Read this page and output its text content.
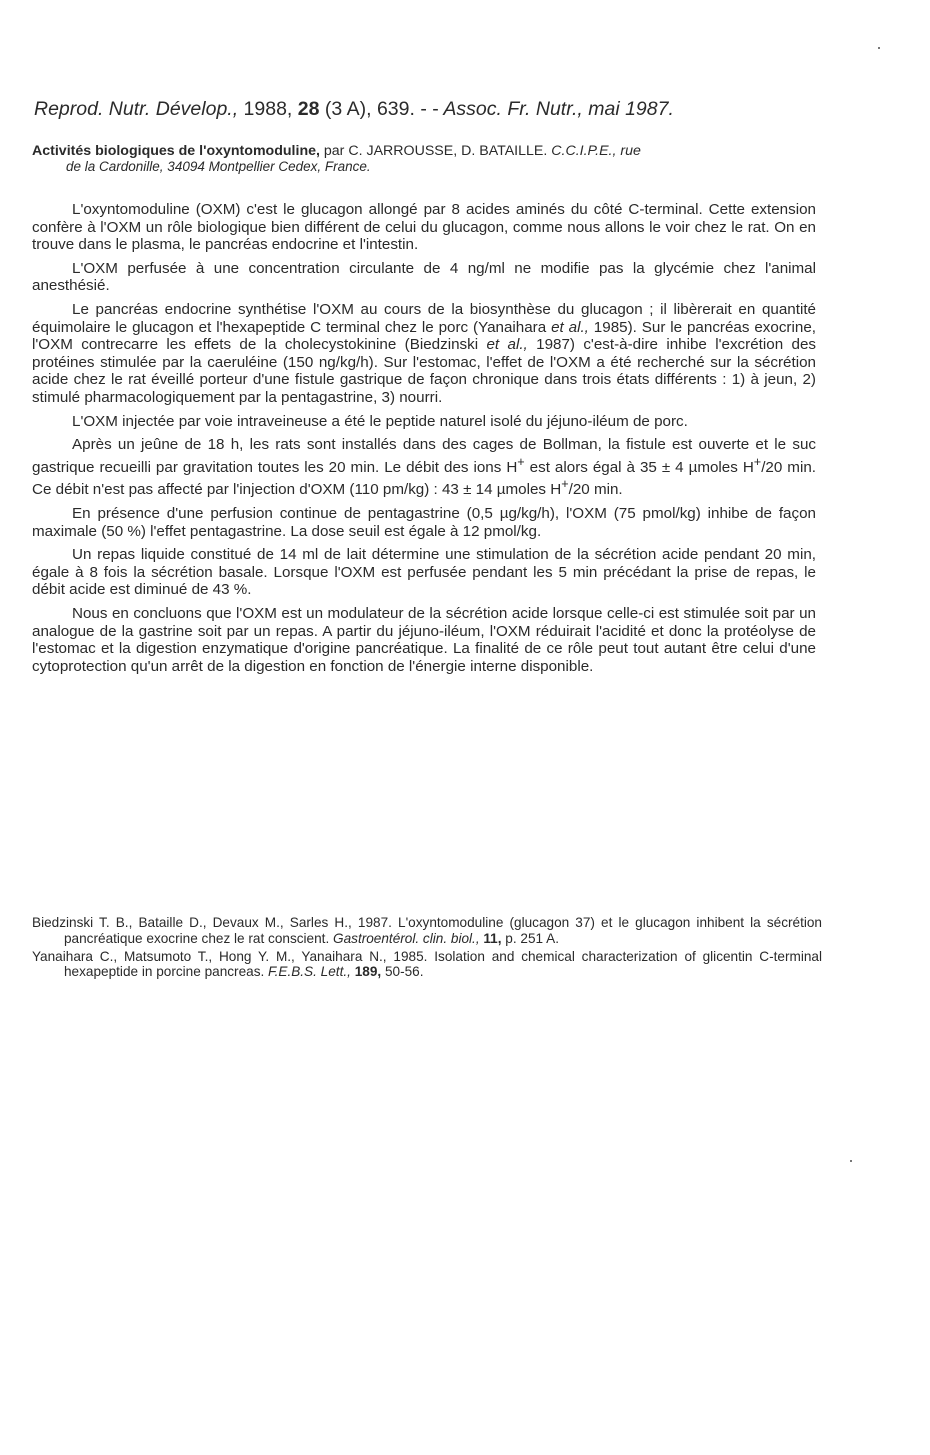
Reprod. Nutr. Dévelop., 1988, 28 (3 A), 639. - - Assoc. Fr. Nutr., mai 1987.
Activités biologiques de l'oxyntomoduline, par C. JARROUSSE, D. BATAILLE. C.C.I.P.E., rue
de la Cardonille, 34094 Montpellier Cedex, France.

L'oxyntomoduline (OXM) c'est le glucagon allongé par 8 acides aminés du côté C-terminal. Cette extension confère à l'OXM un rôle biologique bien différent de celui du glucagon, comme nous allons le voir chez le rat. On en trouve dans le plasma, le pancréas endocrine et l'intestin.

L'OXM perfusée à une concentration circulante de 4 ng/ml ne modifie pas la glycémie chez l'animal anesthésié.

Le pancréas endocrine synthétise l'OXM au cours de la biosynthèse du glucagon ; il libèrerait en quantité équimolaire le glucagon et l'hexapeptide C terminal chez le porc (Yanaihara et al., 1985). Sur le pancréas exocrine, l'OXM contrecarre les effets de la cholecystokinine (Biedzinski et al., 1987) c'est-à-dire inhibe l'excrétion des protéines stimulée par la caeruléine (150 ng/kg/h). Sur l'estomac, l'effet de l'OXM a été recherché sur la sécrétion acide chez le rat éveillé porteur d'une fistule gastrique de façon chronique dans trois états différents : 1) à jeun, 2) stimulé pharmacologiquement par la pentagastrine, 3) nourri.

L'OXM injectée par voie intraveineuse a été le peptide naturel isolé du jéjuno-iléum de porc.

Après un jeûne de 18 h, les rats sont installés dans des cages de Bollman, la fistule est ouverte et le suc gastrique recueilli par gravitation toutes les 20 min. Le débit des ions H+ est alors égal à 35 ± 4 µmoles H+/20 min. Ce débit n'est pas affecté par l'injection d'OXM (110 pm/kg) : 43 ± 14 µmoles H+/20 min.

En présence d'une perfusion continue de pentagastrine (0,5 µg/kg/h), l'OXM (75 pmol/kg) inhibe de façon maximale (50 %) l'effet pentagastrine. La dose seuil est égale à 12 pmol/kg.

Un repas liquide constitué de 14 ml de lait détermine une stimulation de la sécrétion acide pendant 20 min, égale à 8 fois la sécrétion basale. Lorsque l'OXM est perfusée pendant les 5 min précédant la prise de repas, le débit acide est diminué de 43 %.

Nous en concluons que l'OXM est un modulateur de la sécrétion acide lorsque celle-ci est stimulée soit par un analogue de la gastrine soit par un repas. A partir du jéjuno-iléum, l'OXM réduirait l'acidité et donc la protéolyse de l'estomac et la digestion enzymatique d'origine pancréatique. La finalité de ce rôle peut tout autant être celui d'une cytoprotection qu'un arrêt de la digestion en fonction de l'énergie interne disponible.

Biedzinski T. B., Bataille D., Devaux M., Sarles H., 1987. L'oxyntomoduline (glucagon 37) et le glucagon inhibent la sécrétion pancréatique exocrine chez le rat conscient. Gastroentérol. clin. biol., 11, p. 251 A.
Yanaihara C., Matsumoto T., Hong Y. M., Yanaihara N., 1985. Isolation and chemical characterization of glicentin C-terminal hexapeptide in porcine pancreas. F.E.B.S. Lett., 189, 50-56.
